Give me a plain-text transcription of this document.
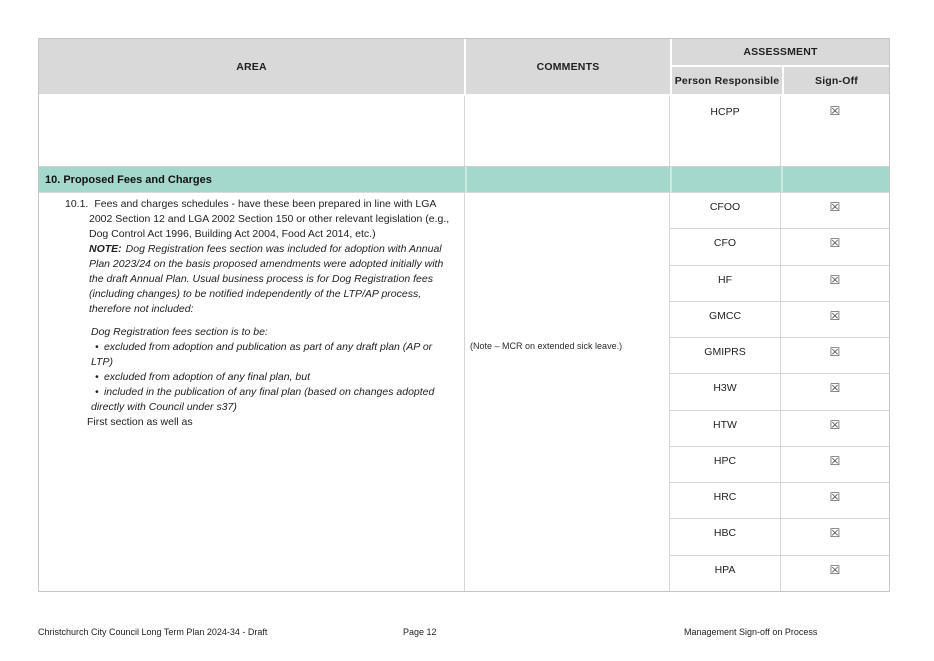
AREA	COMMENTS
ASSESSMENT
Person Responsible	Sign-Off
HCPP	☒
10. Proposed Fees and Charges

10.1. Fees and charges schedules - have these been prepared in line with LGA 2002 Section 12 and LGA 2002 Section 150 or other relevant legislation (e.g., Dog Control Act 1996, Building Act 2004, Food Act 2014, etc.)

NOTE: Dog Registration fees section was included for adoption with Annual Plan 2023/24 on the basis proposed amendments were adopted initially with the draft Annual Plan. Usual business process is for Dog Registration fees (including changes) to be notified independently of the LTP/AP process, therefore not included:

Dog Registration fees section is to be:

• excluded from adoption and publication as part of any draft plan (AP or LTP)

• excluded from adoption of any final plan, but

• included in the publication of any final plan (based on changes adopted directly with Council under s37)

First section as well as

(Note – MCR on extended sick leave.)
CFOO	☒
CFO	☒
HF	☒
GMCC	☒
GMIPRS	☒
H3W	☒
HTW	☒
HPC	☒
HRC	☒
HBC	☒
HPA	☒
Christchurch City Council Long Term Plan 2024-34 - Draft	Page 12	Management Sign-off on Process
